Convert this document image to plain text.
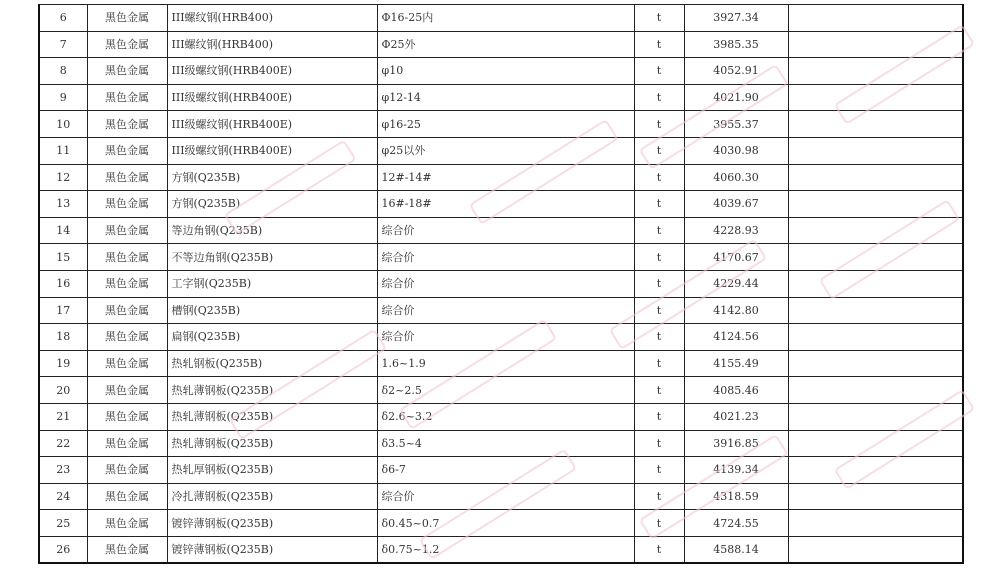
6	黑色金属	III螺纹钢(HRB400)	Φ16-25内	t	3927.34	
7	黑色金属	III螺纹钢(HRB400)	Φ25外	t	3985.35	
8	黑色金属	III级螺纹钢(HRB400E)	φ10	t	4052.91	
9	黑色金属	III级螺纹钢(HRB400E)	φ12-14	t	4021.90	
10	黑色金属	III级螺纹钢(HRB400E)	φ16-25	t	3955.37	
11	黑色金属	III级螺纹钢(HRB400E)	φ25以外	t	4030.98	
12	黑色金属	方钢(Q235B)	12#-14#	t	4060.30	
13	黑色金属	方钢(Q235B)	16#-18#	t	4039.67	
14	黑色金属	等边角钢(Q235B)	综合价	t	4228.93	
15	黑色金属	不等边角钢(Q235B)	综合价	t	4170.67	
16	黑色金属	工字钢(Q235B)	综合价	t	4229.44	
17	黑色金属	槽钢(Q235B)	综合价	t	4142.80	
18	黑色金属	扁钢(Q235B)	综合价	t	4124.56	
19	黑色金属	热轧钢板(Q235B)	1.6~1.9	t	4155.49	
20	黑色金属	热轧薄钢板(Q235B)	δ2~2.5	t	4085.46	
21	黑色金属	热轧薄钢板(Q235B)	δ2.6~3.2	t	4021.23	
22	黑色金属	热轧薄钢板(Q235B)	δ3.5~4	t	3916.85	
23	黑色金属	热轧厚钢板(Q235B)	δ6-7	t	4139.34	
24	黑色金属	冷扎薄钢板(Q235B)	综合价	t	4318.59	
25	黑色金属	镀锌薄钢板(Q235B)	δ0.45~0.7	t	4724.55	
26	黑色金属	镀锌薄钢板(Q235B)	δ0.75~1.2	t	4588.14	
